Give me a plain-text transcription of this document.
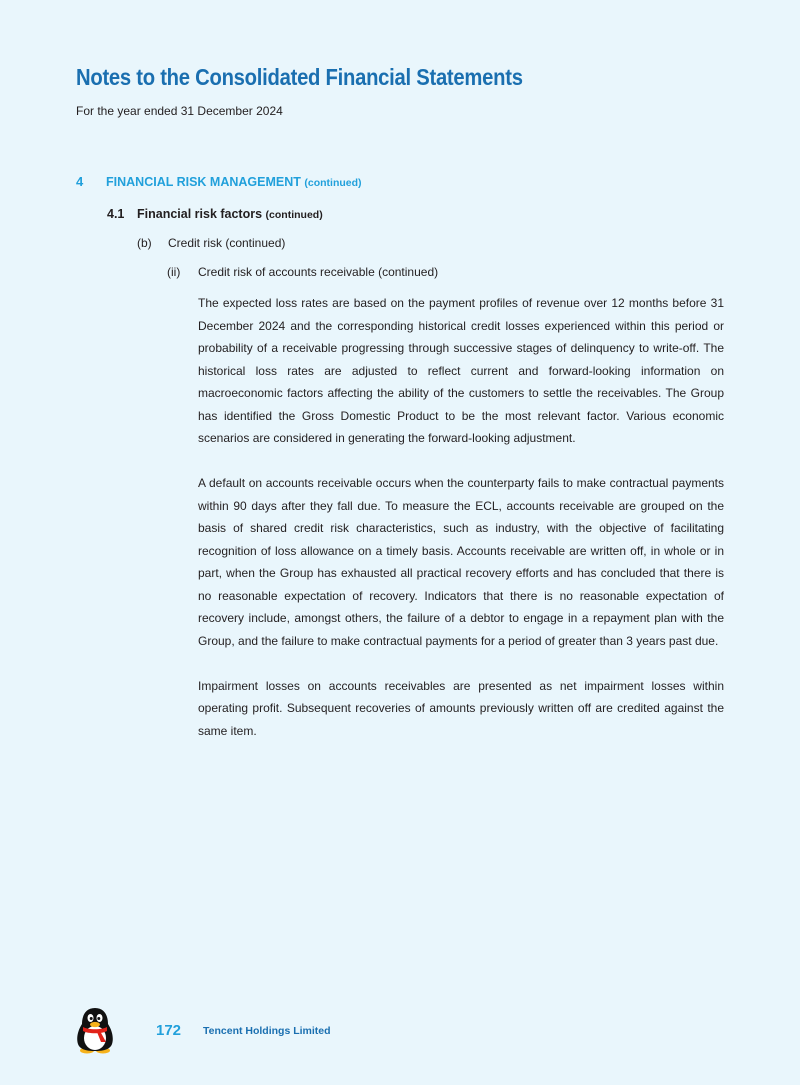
Notes to the Consolidated Financial Statements
For the year ended 31 December 2024
4 FINANCIAL RISK MANAGEMENT (continued)
4.1 Financial risk factors (continued)
(b) Credit risk (continued)
(ii) Credit risk of accounts receivable (continued)

The expected loss rates are based on the payment profiles of revenue over 12 months before 31 December 2024 and the corresponding historical credit losses experienced within this period or probability of a receivable progressing through successive stages of delinquency to write-off. The historical loss rates are adjusted to reflect current and forward-looking information on macroeconomic factors affecting the ability of the customers to settle the receivables. The Group has identified the Gross Domestic Product to be the most relevant factor. Various economic scenarios are considered in generating the forward-looking adjustment.

A default on accounts receivable occurs when the counterparty fails to make contractual payments within 90 days after they fall due. To measure the ECL, accounts receivable are grouped on the basis of shared credit risk characteristics, such as industry, with the objective of facilitating recognition of loss allowance on a timely basis. Accounts receivable are written off, in whole or in part, when the Group has exhausted all practical recovery efforts and has concluded that there is no reasonable expectation of recovery. Indicators that there is no reasonable expectation of recovery include, amongst others, the failure of a debtor to engage in a repayment plan with the Group, and the failure to make contractual payments for a period of greater than 3 years past due.

Impairment losses on accounts receivables are presented as net impairment losses within operating profit. Subsequent recoveries of amounts previously written off are credited against the same item.

172 Tencent Holdings Limited
